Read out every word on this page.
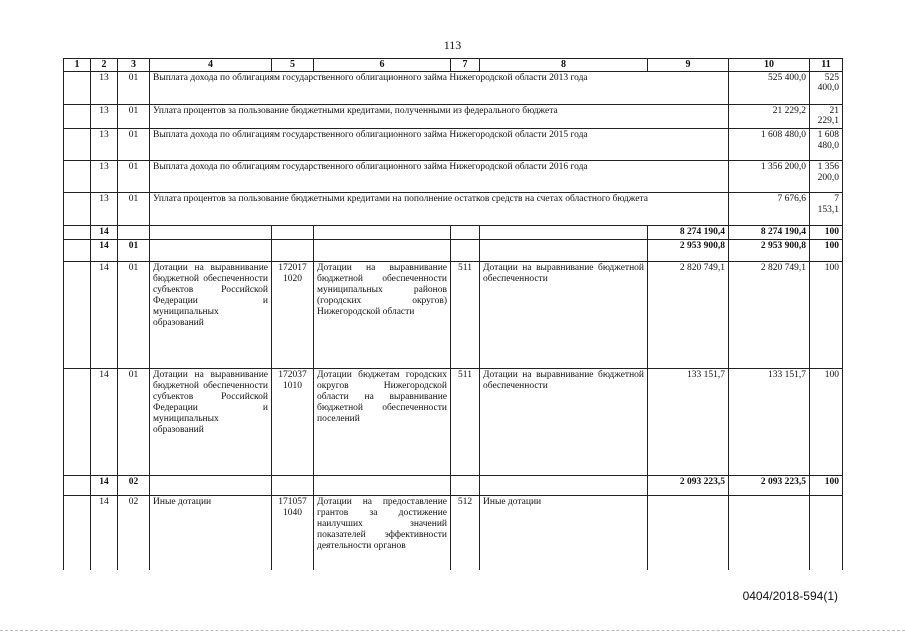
113
1	2	3	4	5	6	7	8	9	10	11	
	13	01	Выплата дохода по облигациям государственного облигационного займа Нижегородской области 2013 года						525 400,0	525 400,0	
	13	01	Уплата процентов за пользование бюджетными кредитами, полученными из федерального бюджета						21 229,2	21 229,1	
	13	01	Выплата дохода по облигациям государственного облигационного займа Нижегородской области 2015 года						1 608 480,0	1 608 480,0	
	13	01	Выплата дохода по облигациям государственного облигационного займа Нижегородской области 2016 года						1 356 200,0	1 356 200,0	
	13	01	Уплата процентов за пользование бюджетными кредитами на пополнение остатков средств на счетах областного бюджета						7 676,6	7 153,1	
	14							8 274 190,4	8 274 190,4	100	
	14	01						2 953 900,8	2 953 900,8	100	
	14	01	Дотации на выравнивание бюджетной обеспеченности субъектов Российской Федерации и муниципальных образований	172017 1020	Дотации на выравнивание бюджетной обеспеченности муниципальных районов (городских округов) Нижегородской области	511	Дотации на выравнивание бюджетной обеспеченности	2 820 749,1	2 820 749,1	100	
	14	01	Дотации на выравнивание бюджетной обеспеченности субъектов Российской Федерации и муниципальных образований	172037 1010	Дотации бюджетам городских округов Нижегородской области на выравнивание бюджетной обеспеченности поселений	511	Дотации на выравнивание бюджетной обеспеченности	133 151,7	133 151,7	100	
	14	02						2 093 223,5	2 093 223,5	100	
	14	02	Иные дотации	171057 1040	Дотации на предоставление грантов за достижение наилучших значений показателей эффективности деятельности органов	512	Иные дотации				
0404/2018-594(1)
